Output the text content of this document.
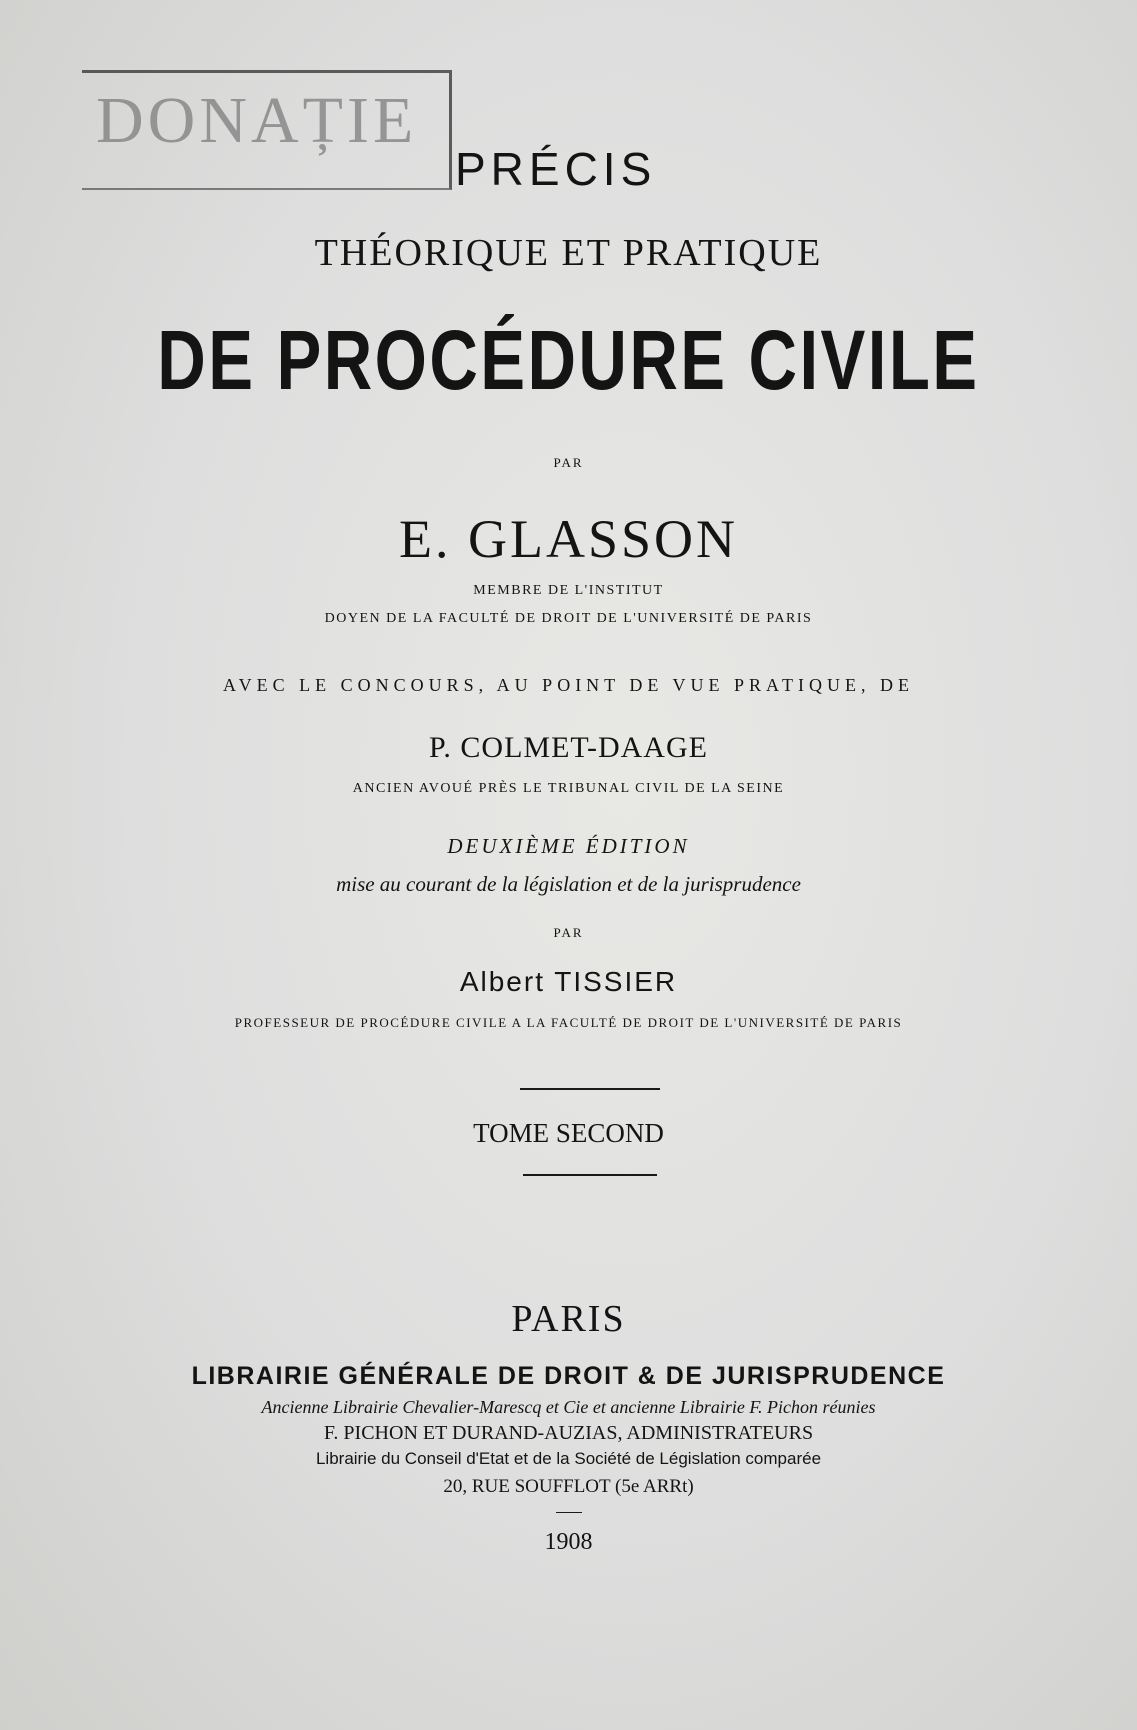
DONAȚIE
PRÉCIS
THÉORIQUE ET PRATIQUE
DE PROCÉDURE CIVILE
PAR
E. GLASSON
MEMBRE DE L'INSTITUT
DOYEN DE LA FACULTÉ DE DROIT DE L'UNIVERSITÉ DE PARIS
AVEC LE CONCOURS, AU POINT DE VUE PRATIQUE, DE
P. COLMET-DAAGE
ANCIEN AVOUÉ PRÈS LE TRIBUNAL CIVIL DE LA SEINE
DEUXIÈME ÉDITION
mise au courant de la législation et de la jurisprudence
PAR
Albert TISSIER
PROFESSEUR DE PROCÉDURE CIVILE A LA FACULTÉ DE DROIT DE L'UNIVERSITÉ DE PARIS
TOME SECOND
PARIS
LIBRAIRIE GÉNÉRALE DE DROIT & DE JURISPRUDENCE
Ancienne Librairie Chevalier-Marescq et Cie et ancienne Librairie F. Pichon réunies
F. PICHON ET DURAND-AUZIAS, ADMINISTRATEURS
Librairie du Conseil d'Etat et de la Société de Législation comparée
20, RUE SOUFFLOT (5e ARRt)
1908
